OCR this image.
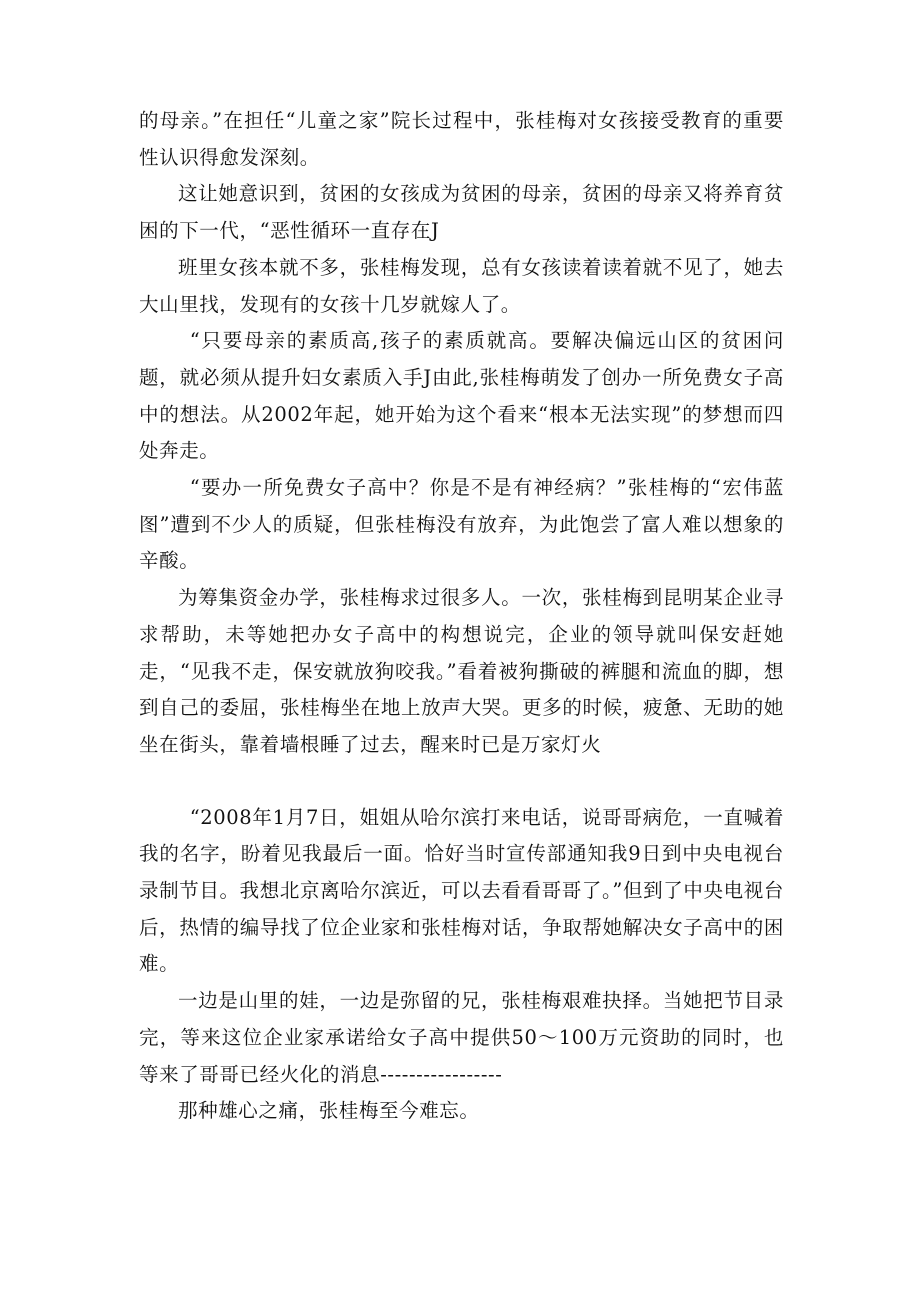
的母亲。”在担任“儿童之家”院长过程中，张桂梅对女孩接受教育的重要性认识得愈发深刻。

这让她意识到，贫困的女孩成为贫困的母亲，贫困的母亲又将养育贫困的下一代，“恶性循环一直存在J

班里女孩本就不多，张桂梅发现，总有女孩读着读着就不见了，她去大山里找，发现有的女孩十几岁就嫁人了。

“只要母亲的素质高,孩子的素质就高。要解决偏远山区的贫困问题，就必须从提升妇女素质入手J由此,张桂梅萌发了创办一所免费女子高中的想法。从2002年起，她开始为这个看来“根本无法实现”的梦想而四处奔走。

“要办一所免费女子高中？你是不是有神经病？”张桂梅的“宏伟蓝图”遭到不少人的质疑，但张桂梅没有放弃，为此饱尝了富人难以想象的辛酸。

为筹集资金办学，张桂梅求过很多人。一次，张桂梅到昆明某企业寻求帮助，未等她把办女子高中的构想说完，企业的领导就叫保安赶她走，“见我不走，保安就放狗咬我。”看着被狗撕破的裤腿和流血的脚，想到自己的委屈，张桂梅坐在地上放声大哭。更多的时候，疲惫、无助的她坐在街头，靠着墙根睡了过去，醒来时已是万家灯火

“2008年1月7日，姐姐从哈尔滨打来电话，说哥哥病危，一直喊着我的名字，盼着见我最后一面。恰好当时宣传部通知我9日到中央电视台录制节目。我想北京离哈尔滨近，可以去看看哥哥了。”但到了中央电视台后，热情的编导找了位企业家和张桂梅对话，争取帮她解决女子高中的困难。

一边是山里的娃，一边是弥留的兄，张桂梅艰难抉择。当她把节目录完，等来这位企业家承诺给女子高中提供50～100万元资助的同时，也等来了哥哥已经火化的消息-----------------

那种雄心之痛，张桂梅至今难忘。
